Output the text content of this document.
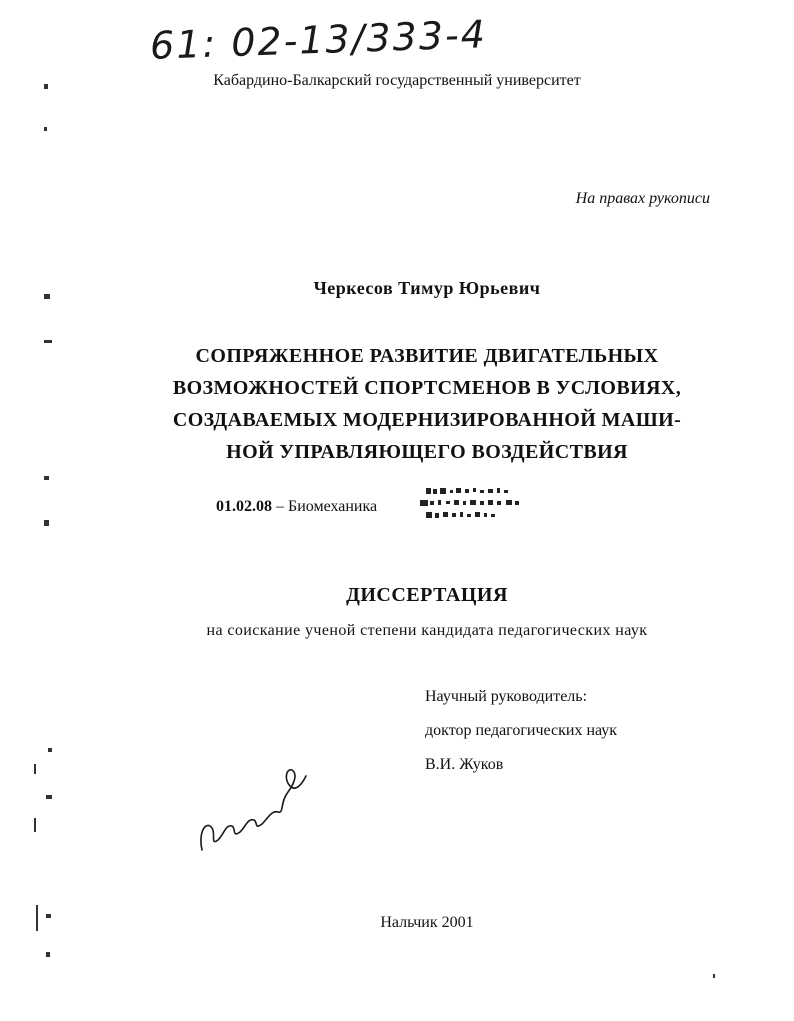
61: 02-13/333-4
Кабардино-Балкарский государственный университет
На правах рукописи
Черкесов Тимур Юрьевич
СОПРЯЖЕННОЕ РАЗВИТИЕ ДВИГАТЕЛЬНЫХ
ВОЗМОЖНОСТЕЙ СПОРТСМЕНОВ В УСЛОВИЯХ,
СОЗДАВАЕМЫХ МОДЕРНИЗИРОВАННОЙ МАШИ-
НОЙ УПРАВЛЯЮЩЕГО ВОЗДЕЙСТВИЯ
01.02.08 – Биомеханика
ДИССЕРТАЦИЯ
на соискание ученой степени кандидата педагогических наук
Научный руководитель:
доктор педагогических наук
В.И. Жуков
Нальчик 2001
